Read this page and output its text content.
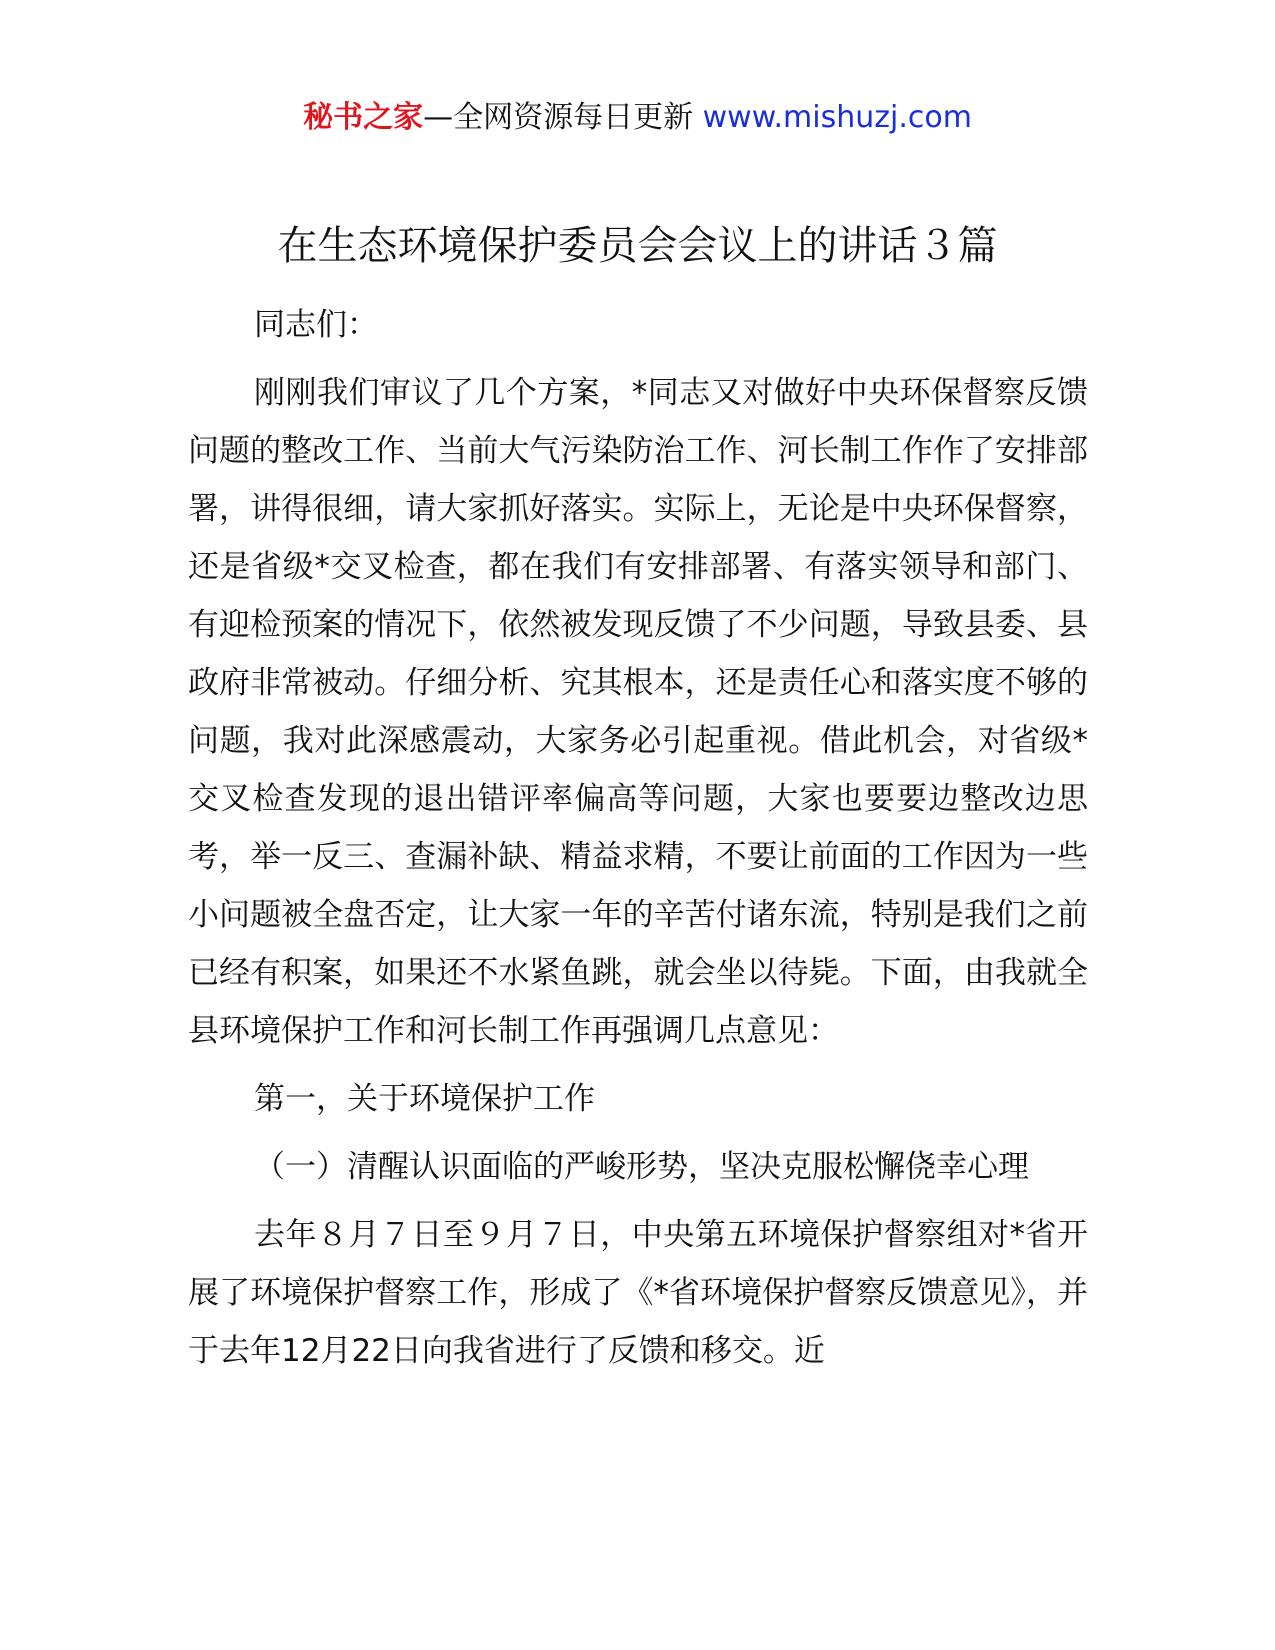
秘书之家—全网资源每日更新 www.mishuzj.com
在生态环境保护委员会会议上的讲话３篇

同志们：

刚刚我们审议了几个方案，*同志又对做好中央环保督察反馈问题的整改工作、当前大气污染防治工作、河长制工作作了安排部署，讲得很细，请大家抓好落实。实际上，无论是中央环保督察，还是省级*交叉检查，都在我们有安排部署、有落实领导和部门、有迎检预案的情况下，依然被发现反馈了不少问题，导致县委、县政府非常被动。仔细分析、究其根本，还是责任心和落实度不够的问题，我对此深感震动，大家务必引起重视。借此机会，对省级*交叉检查发现的退出错评率偏高等问题，大家也要要边整改边思考，举一反三、查漏补缺、精益求精，不要让前面的工作因为一些小问题被全盘否定，让大家一年的辛苦付诸东流，特别是我们之前已经有积案，如果还不水紧鱼跳，就会坐以待毙。下面，由我就全县环境保护工作和河长制工作再强调几点意见：

第一，关于环境保护工作

（一）清醒认识面临的严峻形势，坚决克服松懈侥幸心理

去年８月７日至９月７日，中央第五环境保护督察组对*省开展了环境保护督察工作，形成了《*省环境保护督察反馈意见》，并于去年12月22日向我省进行了反馈和移交。近
